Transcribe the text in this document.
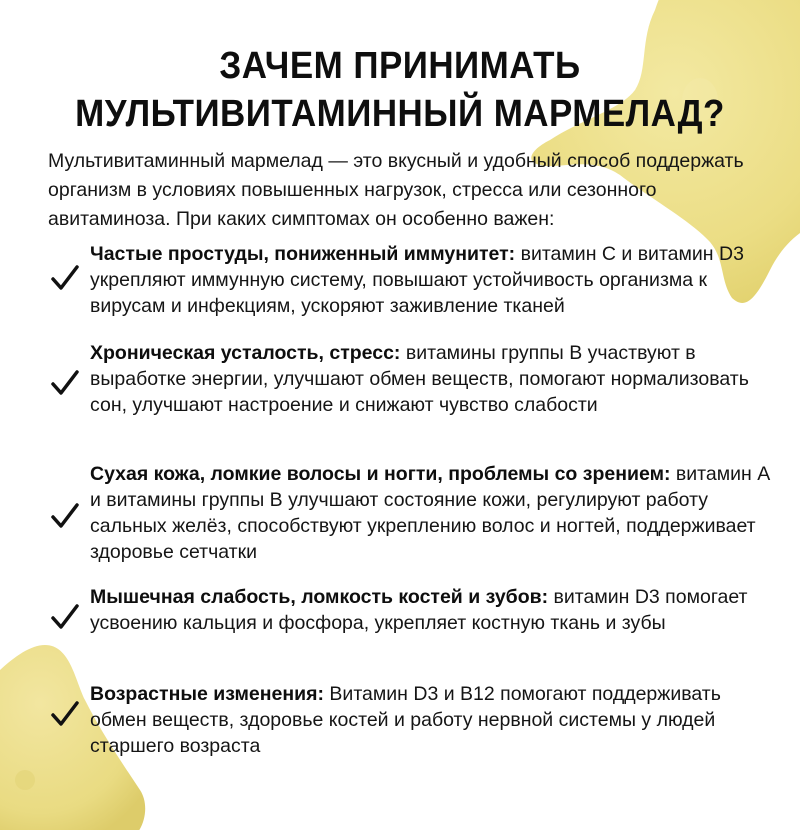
ЗАЧЕМ ПРИНИМАТЬ
МУЛЬТИВИТАМИННЫЙ МАРМЕЛАД?
Мультивитаминный мармелад — это вкусный и удобный способ поддержать организм в условиях повышенных нагрузок, стресса или сезонного авитаминоза. При каких симптомах он особенно важен:
Частые простуды, пониженный иммунитет: витамин C и витамин D3 укрепляют иммунную систему, повышают устойчивость организма к вирусам и инфекциям, ускоряют заживление тканей
Хроническая усталость, стресс: витамины группы B участвуют в выработке энергии, улучшают обмен веществ, помогают нормализовать сон, улучшают настроение и снижают чувство слабости
Сухая кожа, ломкие волосы и ногти, проблемы со зрением: витамин A и витамины группы B улучшают состояние кожи, регулируют работу сальных желёз, способствуют укреплению волос и ногтей, поддерживает здоровье сетчатки
Мышечная слабость, ломкость костей и зубов: витамин D3 помогает усвоению кальция и фосфора, укрепляет костную ткань и зубы
Возрастные изменения: Витамин D3 и B12 помогают поддерживать обмен веществ, здоровье костей и работу нервной системы у людей старшего возраста
